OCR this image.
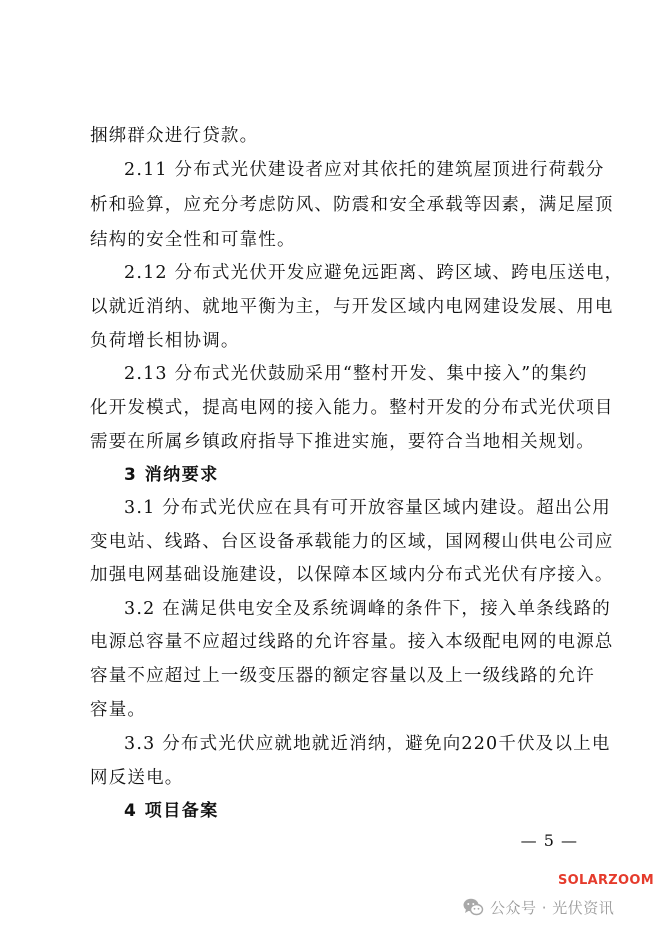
捆绑群众进行贷款。
2.11 分布式光伏建设者应对其依托的建筑屋顶进行荷载分
析和验算，应充分考虑防风、防震和安全承载等因素，满足屋顶
结构的安全性和可靠性。
2.12 分布式光伏开发应避免远距离、跨区域、跨电压送电，
以就近消纳、就地平衡为主，与开发区域内电网建设发展、用电
负荷增长相协调。
2.13 分布式光伏鼓励采用“整村开发、集中接入”的集约
化开发模式，提高电网的接入能力。整村开发的分布式光伏项目
需要在所属乡镇政府指导下推进实施，要符合当地相关规划。
3 消纳要求
3.1 分布式光伏应在具有可开放容量区域内建设。超出公用
变电站、线路、台区设备承载能力的区域，国网稷山供电公司应
加强电网基础设施建设，以保障本区域内分布式光伏有序接入。
3.2 在满足供电安全及系统调峰的条件下，接入单条线路的
电源总容量不应超过线路的允许容量。接入本级配电网的电源总
容量不应超过上一级变压器的额定容量以及上一级线路的允许
容量。
3.3 分布式光伏应就地就近消纳，避免向220千伏及以上电
网反送电。
4 项目备案
— 5 —
SOLARZOOM
公众号 · 光伏资讯
